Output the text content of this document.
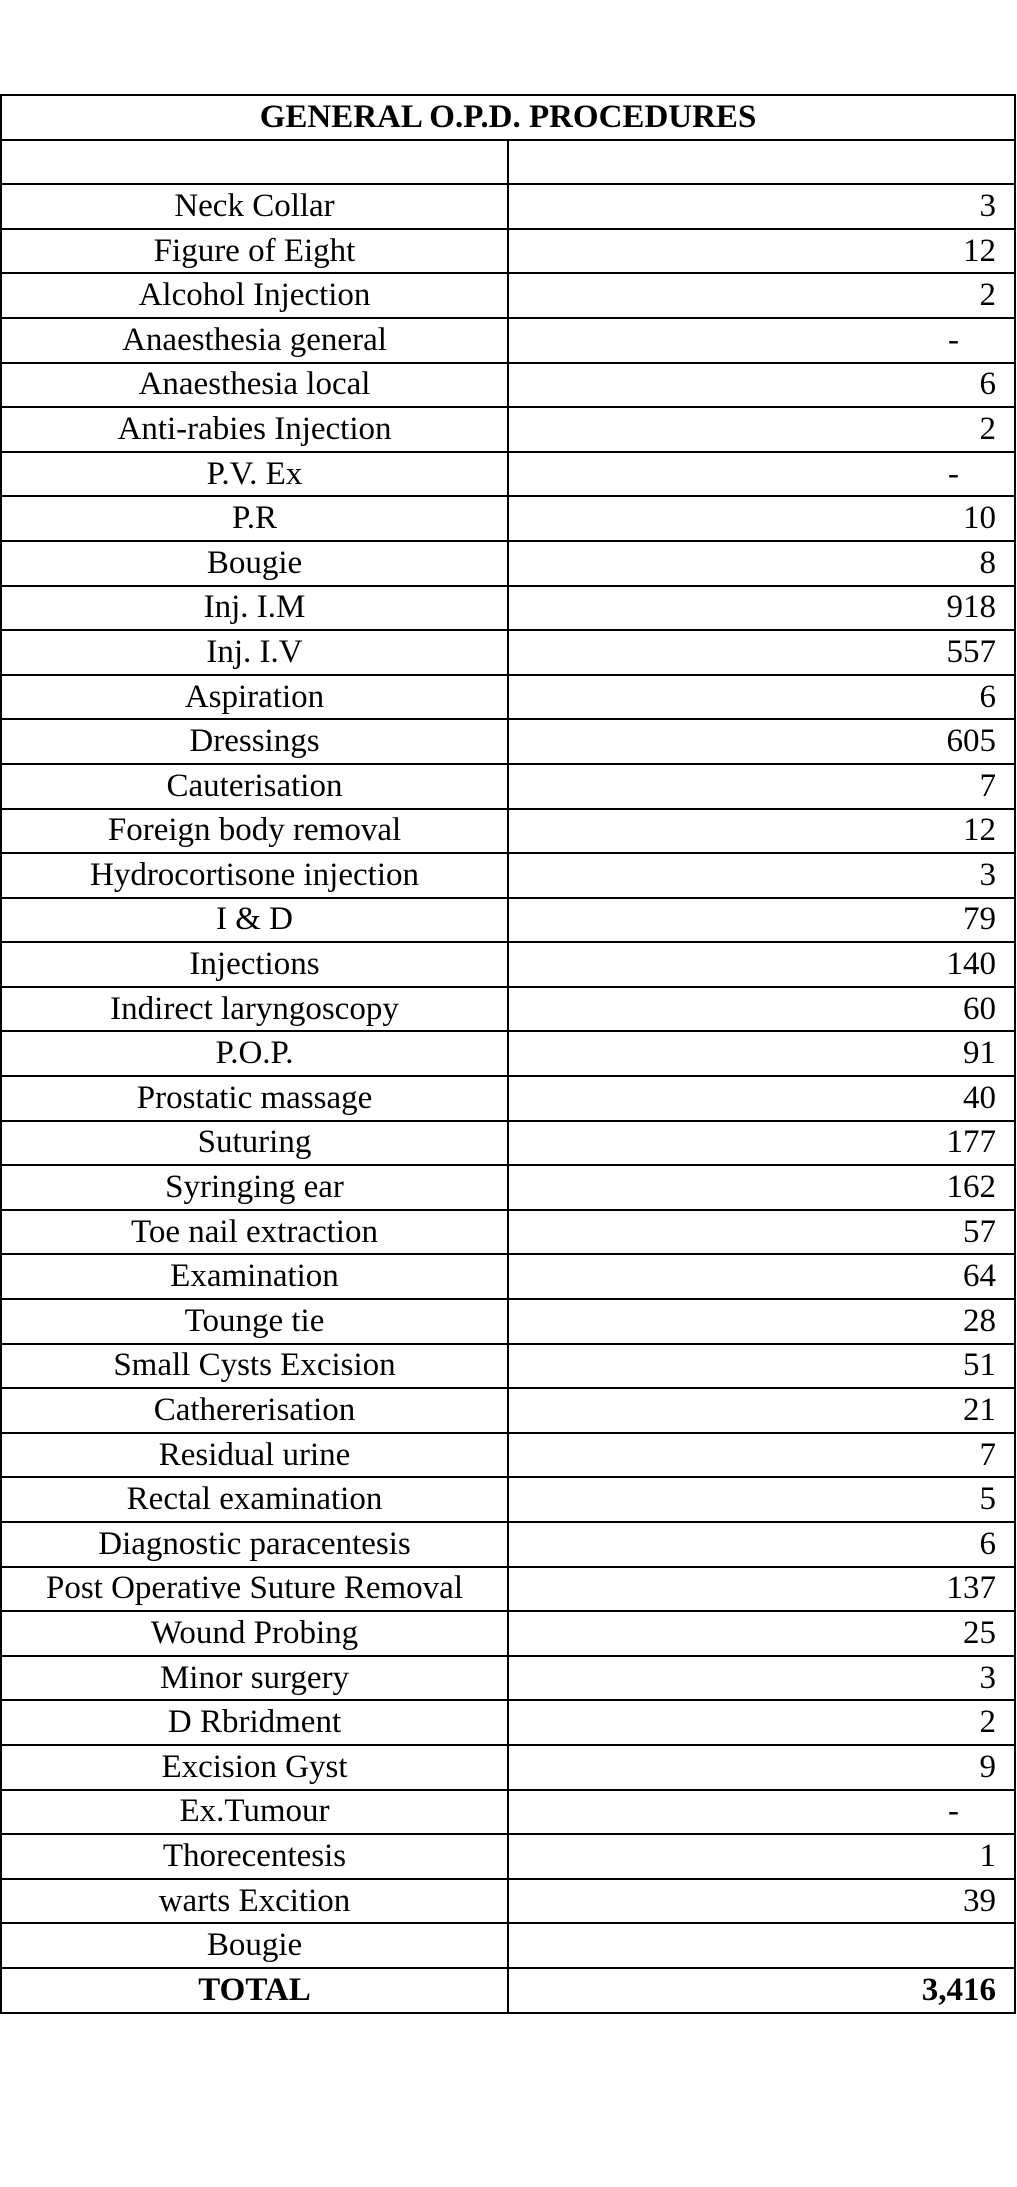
GENERAL O.P.D. PROCEDURES	

Neck Collar	3
Figure of Eight	12
Alcohol Injection	2
Anaesthesia general	-
Anaesthesia local	6
Anti-rabies Injection	2
P.V. Ex	-
P.R	10
Bougie	8
Inj. I.M	918
Inj. I.V	557
Aspiration	6
Dressings	605
Cauterisation	7
Foreign body removal	12
Hydrocortisone injection	3
I & D	79
Injections	140
Indirect laryngoscopy	60
P.O.P.	91
Prostatic massage	40
Suturing	177
Syringing ear	162
Toe nail extraction	57
Examination	64
Tounge tie	28
Small Cysts Excision	51
Cathererisation	21
Residual urine	7
Rectal examination	5
Diagnostic paracentesis	6
Post Operative Suture Removal	137
Wound Probing	25
Minor surgery	3
D Rbridment	2
Excision Gyst	9
Ex.Tumour	-
Thorecentesis	1
warts Excition	39
Bougie	
TOTAL	3,416
